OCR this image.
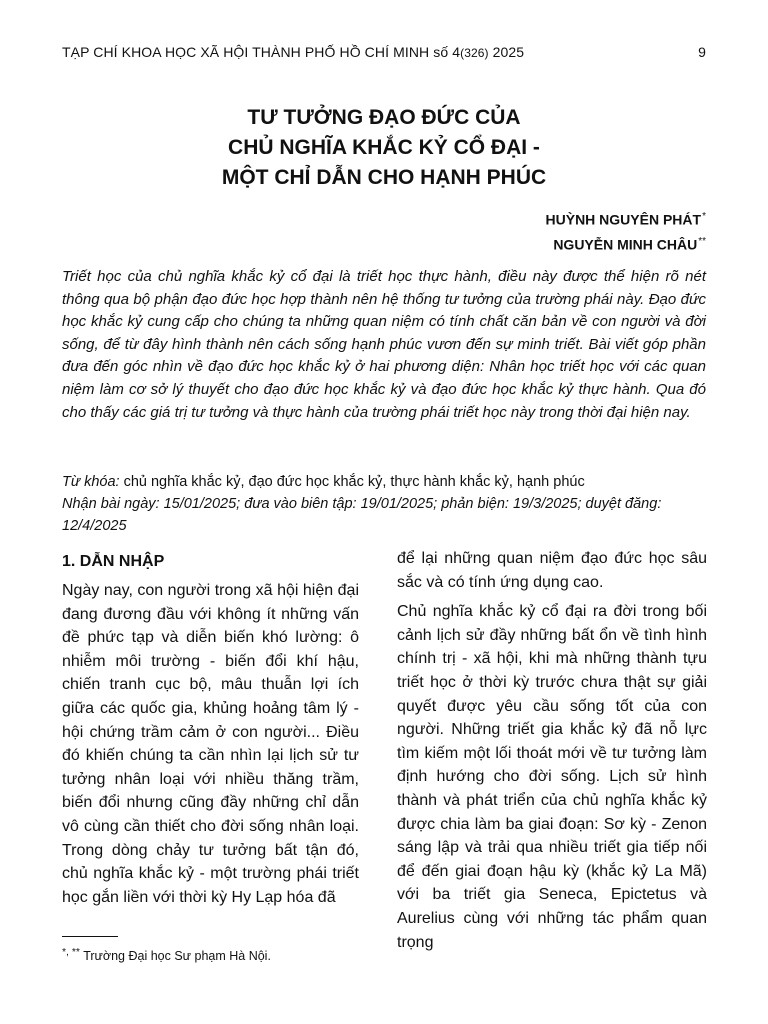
TẠP CHÍ KHOA HỌC XÃ HỘI THÀNH PHỐ HỒ CHÍ MINH số 4(326) 2025	9
TƯ TƯỞNG ĐẠO ĐỨC CỦA
CHỦ NGHĨA KHẮC KỶ CỔ ĐẠI -
MỘT CHỈ DẪN CHO HẠNH PHÚC
HUỲNH NGUYÊN PHÁT*
NGUYỄN MINH CHÂU**

Triết học của chủ nghĩa khắc kỷ cổ đại là triết học thực hành, điều này được thể hiện rõ nét thông qua bộ phận đạo đức học hợp thành nên hệ thống tư tưởng của trường phái này. Đạo đức học khắc kỷ cung cấp cho chúng ta những quan niệm có tính chất căn bản về con người và đời sống, để từ đây hình thành nên cách sống hạnh phúc vươn đến sự minh triết. Bài viết góp phần đưa đến góc nhìn về đạo đức học khắc kỷ ở hai phương diện: Nhân học triết học với các quan niệm làm cơ sở lý thuyết cho đạo đức học khắc kỷ và đạo đức học khắc kỷ thực hành. Qua đó cho thấy các giá trị tư tưởng và thực hành của trường phái triết học này trong thời đại hiện nay.

Từ khóa: chủ nghĩa khắc kỷ, đạo đức học khắc kỷ, thực hành khắc kỷ, hạnh phúc
Nhận bài ngày: 15/01/2025; đưa vào biên tập: 19/01/2025; phản biện: 19/3/2025; duyệt đăng: 12/4/2025

1. DẪN NHẬP

Ngày nay, con người trong xã hội hiện đại đang đương đầu với không ít những vấn đề phức tạp và diễn biến khó lường: ô nhiễm môi trường - biến đổi khí hậu, chiến tranh cục bộ, mâu thuẫn lợi ích giữa các quốc gia, khủng hoảng tâm lý - hội chứng trầm cảm ở con người... Điều đó khiến chúng ta cần nhìn lại lịch sử tư tưởng nhân loại với nhiều thăng trầm, biến đổi nhưng cũng đầy những chỉ dẫn vô cùng cần thiết cho đời sống nhân loại. Trong dòng chảy tư tưởng bất tận đó, chủ nghĩa khắc kỷ - một trường phái triết học gắn liền với thời kỳ Hy Lạp hóa đã

để lại những quan niệm đạo đức học sâu sắc và có tính ứng dụng cao.

Chủ nghĩa khắc kỷ cổ đại ra đời trong bối cảnh lịch sử đầy những bất ổn về tình hình chính trị - xã hội, khi mà những thành tựu triết học ở thời kỳ trước chưa thật sự giải quyết được yêu cầu sống tốt của con người. Những triết gia khắc kỷ đã nỗ lực tìm kiếm một lối thoát mới về tư tưởng làm định hướng cho đời sống. Lịch sử hình thành và phát triển của chủ nghĩa khắc kỷ được chia làm ba giai đoạn: Sơ kỳ - Zenon sáng lập và trải qua nhiều triết gia tiếp nối để đến giai đoạn hậu kỳ (khắc kỷ La Mã) với ba triết gia Seneca, Epictetus và Aurelius cùng với những tác phẩm quan trọng

*, ** Trường Đại học Sư phạm Hà Nội.
